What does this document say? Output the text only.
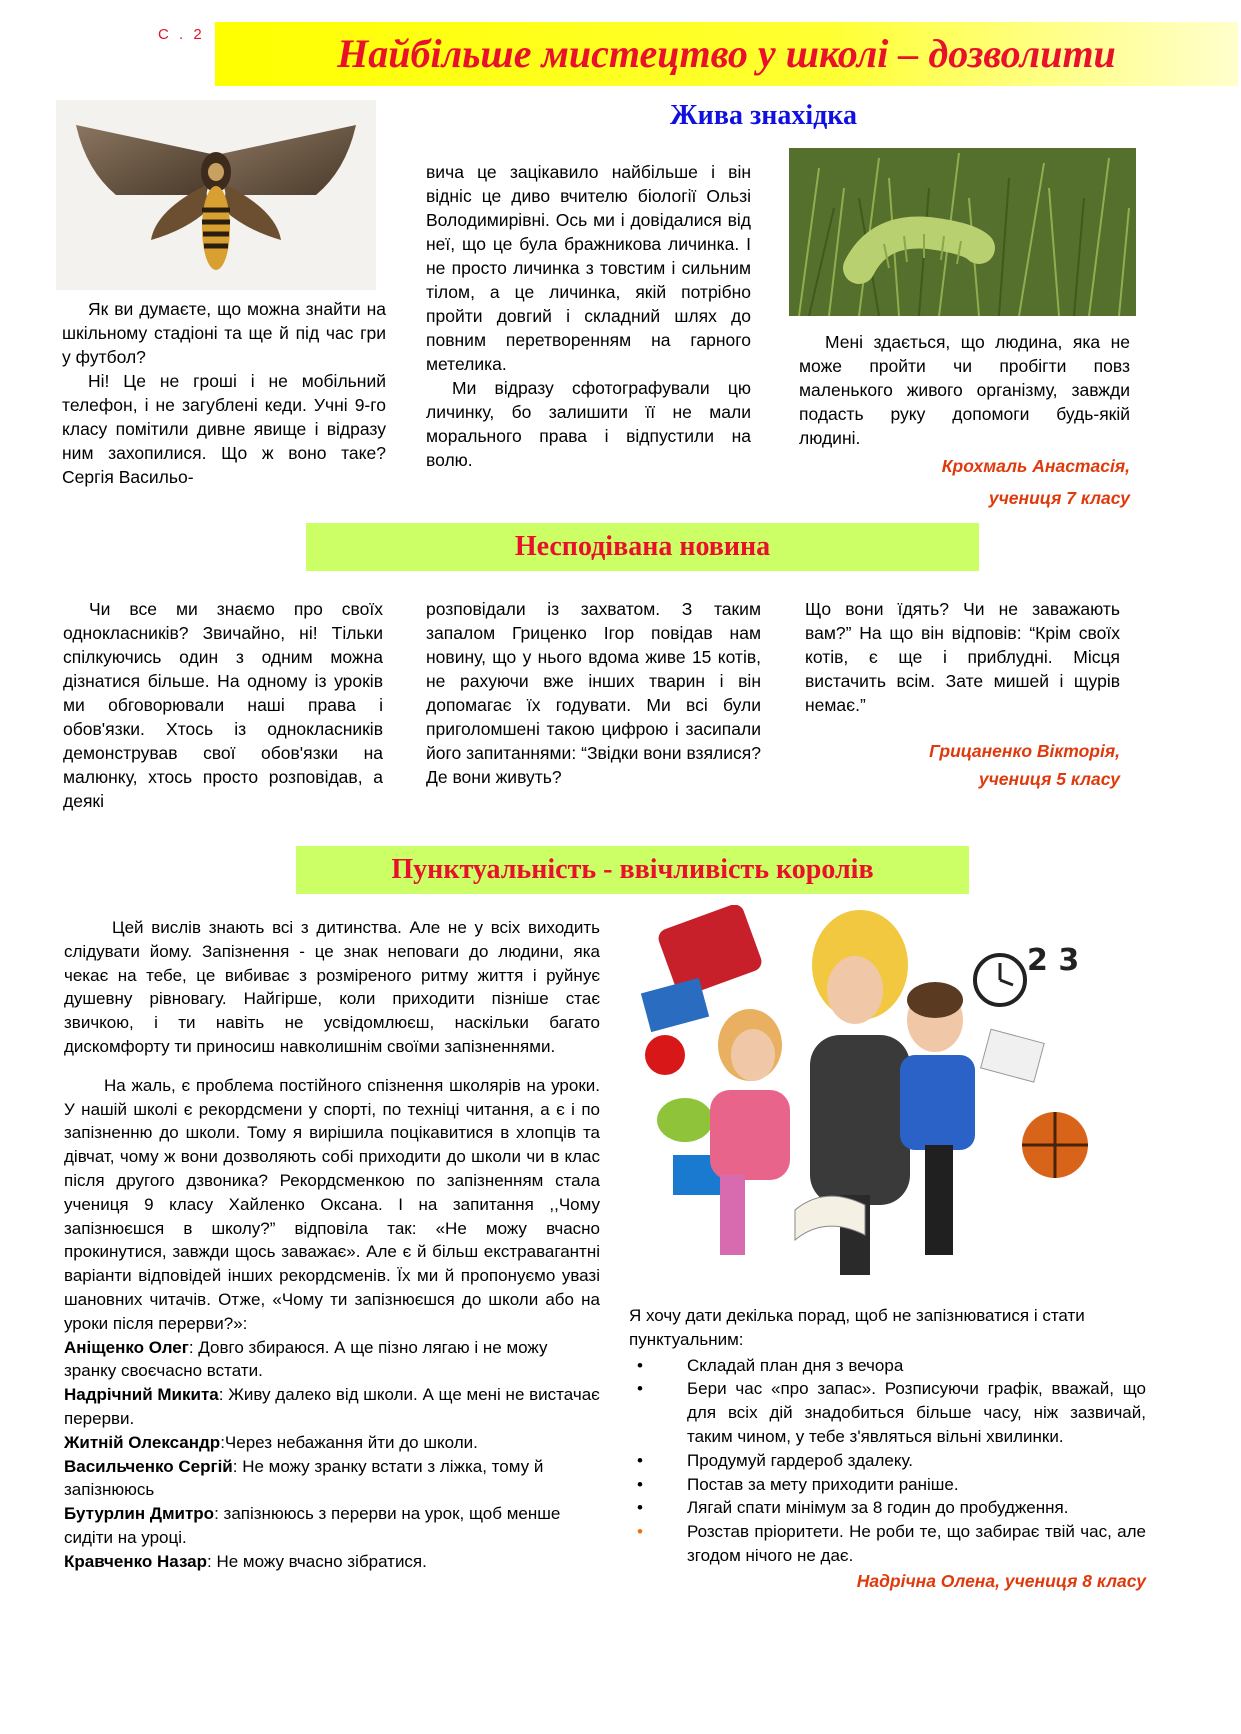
С . 2	Найбільше мистецтво у школі – дозволити
Жива знахідка

Як ви думаєте, що можна знайти на шкільному стадіоні та ще й під час гри у футбол?

Ні! Це не гроші і не мобільний телефон, і не загублені кеди. Учні 9-го класу помітили дивне явище і відразу ним захопилися. Що ж воно таке? Сергія Васильо-

вича це зацікавило найбільше і він відніс це диво вчителю біології Ользі Володимирівні. Ось ми і довідалися від неї, що це була бражникова личинка. І не просто личинка з товстим і сильним тілом, а це личинка, якій потрібно пройти довгий і складний шлях до повним перетворенням на гарного метелика.

Ми відразу сфотографували цю личинку, бо залишити її не мали морального права і відпустили на волю.

Мені здається, що людина, яка не може пройти чи пробігти повз маленького живого організму, завжди подасть руку допомоги будь-якій людині.

Крохмаль Анастасія,
учениця 7 класу
Несподівана новина

Чи все ми знаємо про своїх однокласників? Звичайно, ні! Тільки спілкуючись один з одним можна дізнатися більше. На одному із уроків ми обговорювали наші права і обов'язки. Хтось із однокласників демонстрував свої обов'язки на малюнку, хтось просто розповідав, а деякі

розповідали із захватом. З таким запалом Гриценко Ігор повідав нам новину, що у нього вдома живе 15 котів, не рахуючи вже інших тварин і він допомагає їх годувати. Ми всі були приголомшені такою цифрою і засипали його запитаннями: “Звідки вони взялися? Де вони живуть?

Що вони їдять? Чи не заважають вам?” На що він відповів: “Крім своїх котів, є ще і приблудні. Місця вистачить всім. Зате мишей і щурів немає.”

Грицаненко Вікторія,
учениця 5 класу
Пунктуальність - ввічливість королів

Цей вислів знають всі з дитинства. Але не у всіх виходить слідувати йому. Запізнення - це знак неповаги до людини, яка чекає на тебе, це вибиває з розміреного ритму життя і руйнує душевну рівновагу. Найгірше, коли приходити пізніше стає звичкою, і ти навіть не усвідомлюєш, наскільки багато дискомфорту ти приносиш навколишнім своїми запізненнями.

На жаль, є проблема постійного спізнення школярів на уроки. У нашій школі є рекордсмени у спорті, по техніці читання, а є і по запізненню до школи. Тому я вирішила поцікавитися в хлопців та дівчат, чому ж вони дозволяють собі приходити до школи чи в клас після другого дзвоника? Рекордсменкою по запізненням стала учениця 9 класу Хайленко Оксана. І на запитання ,,Чому запізнюєшся в школу?” відповіла так: «Не можу вчасно прокинутися, завжди щось заважає». Але є й більш екстравагантні варіанти відповідей інших рекордсменів. Їх ми й пропонуємо увазі шановних читачів. Отже, «Чому ти запізнюєшся до школи або на уроки після перерви?»:

Аніщенко Олег: Довго збираюся. А ще пізно лягаю і не можу зранку своєчасно встати.

Надрічний Микита: Живу далеко від школи. А ще мені не вистачає перерви.

Житній Олександр:Через небажання йти до школи.

Васильченко Сергій: Не можу зранку встати з ліжка, тому й запізнююсь

Бутурлин Дмитро: запізнююсь з перерви на урок, щоб менше сидіти на уроці.

Кравченко Назар: Не можу вчасно зібратися.

2 3

Я хочу дати декілька порад, щоб не запізнюватися і стати пунктуальним:

•	Складай план дня з вечора
•	Бери час «про запас». Розписуючи графік, вважай, що для всіх дій знадобиться більше часу, ніж зазвичай, таким чином, у тебе з'являться вільні хвилинки.
•	Продумуй гардероб здалеку.
•	Постав за мету приходити раніше.
•	Лягай спати мінімум за 8 годин до пробудження.
•	Розстав пріоритети. Не роби те, що забирає твій час, але згодом нічого не дає.
Надрічна Олена, учениця 8 класу
